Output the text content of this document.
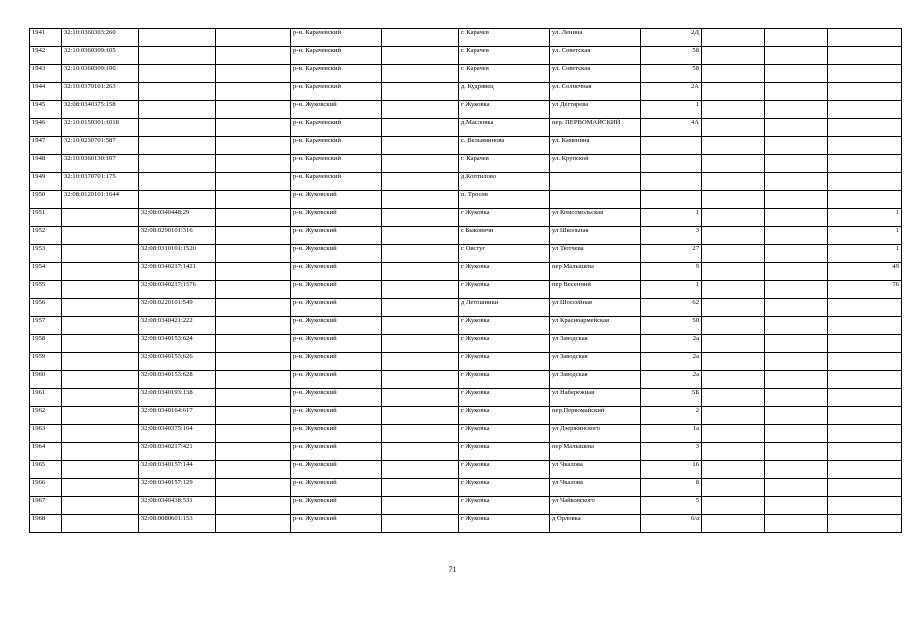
1941	32:10:0360303:260			р-н. Карачевский		г. Карачев	ул. Ленина	2Д			
1942	32:10:0360309:105			р-н. Карачевский		г. Карачев	ул. Советская	58			
1943	32:10:0360309:106			р-н. Карачевский		г. Карачев	ул. Советская	58			
1944	32:10:0370101:263			р-н. Карачевский		д. Кудрявец	ул. Солнечная	2А			
1945	32:08:0340375:158			р-н. Жуковский		г Жуковка	ул Дегтярева	1			
1946	32:10:0150301:1018			р-н. Карачевский		д.Масловка	пер. ПЕРВОМАЙСКИЙ	4А			
1947	32:10:0230701:587			р-н. Карачевский		с. Вельяминова	ул. Каменина				
1948	32:10:0360130:107			р-н. Карачевский		г. Карачев	ул. Крупской				
1949	32:10:0370701:175			р-н. Карачевский		д.Коптилово					
1950	32:08:0120101:1644			р-н. Жуковский		п. Троснв					
1951		32:08:0340448:29		р-н. Жуковский		г Жуковка	ул Комсомольская	1			1
1952		32:08:0290101:316		р-н. Жуковский		с Быковичи	ул Школьная	3			1
1953		32:08:0310101:1520		р-н. Жуковский		с Овстуг	ул Тютчева	27			1
1954		32:08:0340217:1421		р-н. Жуковский		г Жуковка	пер Малышева	9			49
1955		32:08:0340217:1576		р-н. Жуковский		г Жуковка	пер Весенний	1			76
1956		32:08:0220101:549		р-н. Жуковский		д Летошники	ул Шоссейная	62			
1957		32:08:0340421:222		р-н. Жуковский		г Жуковка	ул Красноармейская	50			
1958		32:08:0340153:624		р-н. Жуковский		г Жуковка	ул Заводская	2а			
1959		32:08:0340153:626		р-н. Жуковский		г Жуковка	ул Заводская	2а			
1960		32:08:0340153:628		р-н. Жуковский		г Жуковка	ул Заводская	2а			
1961		32:08:0340193:138		р-н. Жуковский		г Жуковка	ул Набережная	5Б			
1962		32:08:0340164:617		р-н. Жуковский		г Жуковка	пер.Первомайский	2			
1963		32:08:0340375:164		р-н. Жуковский		г Жуковка	ул Дзержинского	1а			
1964		32:08:0340217:421		р-н. Жуковский		г Жуковка	пер Малышева	3			
1965		32:08:0340157:144		р-н. Жуковский		г Жуковка	ул Чкалова	16			
1966		32:08:0340157:129		р-н. Жуковский		г Жуковка	ул Чкалова	8			
1967		32:08:0340438:531		р-н. Жуковский		г Жуковка	ул Чайковского	5			
1968		32:08:0080601:153		р-н. Жуковский		г Жуковка	д Орловка	6/а			
71
